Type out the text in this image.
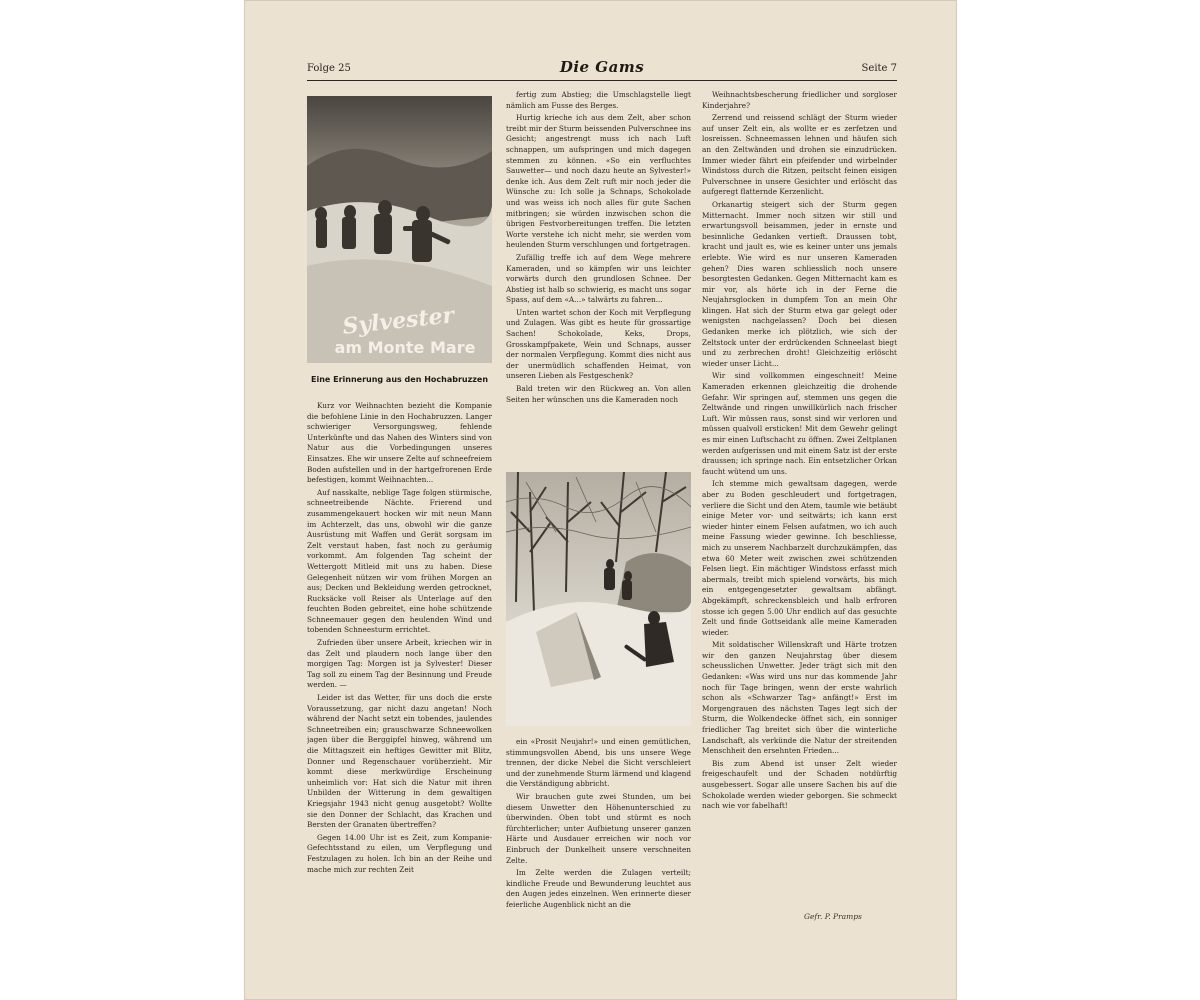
Folge 25	Die Gams	Seite 7
Sylvester
am Monte Mare
Eine Erinnerung aus den Hochabruzzen

Kurz vor Weihnachten bezieht die Kompanie die befohlene Linie in den Hochabruzzen. Langer schwieriger Versorgungsweg, fehlende Unterkünfte und das Nahen des Winters sind von Natur aus die Vorbedingungen unseres Einsatzes. Ehe wir unsere Zelte auf schneefreiem Boden aufstellen und in der hartgefrorenen Erde befestigen, kommt Weihnachten...

Auf nasskalte, neblige Tage folgen stürmische, schneetreibende Nächte. Frierend und zusammengekauert hocken wir mit neun Mann im Achterzelt, das uns, obwohl wir die ganze Ausrüstung mit Waffen und Gerät sorgsam im Zelt verstaut haben, fast noch zu geräumig vorkommt. Am folgenden Tag scheint der Wettergott Mitleid mit uns zu haben. Diese Gelegenheit nützen wir vom frühen Morgen an aus; Decken und Bekleidung werden getrocknet, Rucksäcke voll Reiser als Unterlage auf den feuchten Boden gebreitet, eine hohe schützende Schneemauer gegen den heulenden Wind und tobenden Schneesturm errichtet.

Zufrieden über unsere Arbeit, kriechen wir in das Zelt und plaudern noch lange über den morgigen Tag: Morgen ist ja Sylvester! Dieser Tag soll zu einem Tag der Besinnung und Freude werden. —

Leider ist das Wetter, für uns doch die erste Voraussetzung, gar nicht dazu angetan! Noch während der Nacht setzt ein tobendes, jaulendes Schneetreiben ein; grauschwarze Schneewolken jagen über die Berggipfel hinweg, während um die Mittagszeit ein heftiges Gewitter mit Blitz, Donner und Regenschauer vorüberzieht. Mir kommt diese merkwürdige Erscheinung unheimlich vor: Hat sich die Natur mit ihren Unbilden der Witterung in dem gewaltigen Kriegsjahr 1943 nicht genug ausgetobt? Wollte sie den Donner der Schlacht, das Krachen und Bersten der Granaten übertreffen?

Gegen 14.00 Uhr ist es Zeit, zum Kompanie-Gefechtsstand zu eilen, um Verpflegung und Festzulagen zu holen. Ich bin an der Reihe und mache mich zur rechten Zeit

fertig zum Abstieg; die Umschlagstelle liegt nämlich am Fusse des Berges.

Hurtig krieche ich aus dem Zelt, aber schon treibt mir der Sturm beissenden Pulverschnee ins Gesicht; angestrengt muss ich nach Luft schnappen, um aufspringen und mich dagegen stemmen zu können. «So ein verfluchtes Sauwetter— und noch dazu heute an Sylvester!» denke ich. Aus dem Zelt ruft mir noch jeder die Wünsche zu: Ich solle ja Schnaps, Schokolade und was weiss ich noch alles für gute Sachen mitbringen; sie würden inzwischen schon die übrigen Festvorbereitungen treffen. Die letzten Worte verstehe ich nicht mehr, sie werden vom heulenden Sturm verschlungen und fortgetragen.

Zufällig treffe ich auf dem Wege mehrere Kameraden, und so kämpfen wir uns leichter vorwärts durch den grundlosen Schnee. Der Abstieg ist halb so schwierig, es macht uns sogar Spass, auf dem «A...» talwärts zu fahren...

Unten wartet schon der Koch mit Verpflegung und Zulagen. Was gibt es heute für grossartige Sachen! Schokolade, Keks, Drops, Grosskampfpakete, Wein und Schnaps, ausser der normalen Verpflegung. Kommt dies nicht aus der unermüdlich schaffenden Heimat, von unseren Lieben als Festgeschenk?

Bald treten wir den Rückweg an. Von allen Seiten her wünschen uns die Kameraden noch

ein «Prosit Neujahr!» und einen gemütlichen, stimmungsvollen Abend, bis uns unsere Wege trennen, der dicke Nebel die Sicht verschleiert und der zunehmende Sturm lärmend und klagend die Verständigung abbricht.

Wir brauchen gute zwei Stunden, um bei diesem Unwetter den Höhenunterschied zu überwinden. Oben tobt und stürmt es noch fürchterlicher; unter Aufbietung unserer ganzen Härte und Ausdauer erreichen wir noch vor Einbruch der Dunkelheit unsere verschneiten Zelte.

Im Zelte werden die Zulagen verteilt; kindliche Freude und Bewunderung leuchtet aus den Augen jedes einzelnen. Wen erinnerte dieser feierliche Augenblick nicht an die

Weihnachtsbescherung friedlicher und sorgloser Kinderjahre?

Zerrend und reissend schlägt der Sturm wieder auf unser Zelt ein, als wollte er es zerfetzen und losreissen. Schneemassen lehnen und häufen sich an den Zeltwänden und drohen sie einzudrücken. Immer wieder fährt ein pfeifender und wirbelnder Windstoss durch die Ritzen, peitscht feinen eisigen Pulverschnee in unsere Gesichter und erlöscht das aufgeregt flatternde Kerzenlicht.

Orkanartig steigert sich der Sturm gegen Mitternacht. Immer noch sitzen wir still und erwartungsvoll beisammen, jeder in ernste und besinnliche Gedanken vertieft. Draussen tobt, kracht und jault es, wie es keiner unter uns jemals erlebte. Wie wird es nur unseren Kameraden gehen? Dies waren schliesslich noch unsere besorgtesten Gedanken. Gegen Mitternacht kam es mir vor, als hörte ich in der Ferne die Neujahrsglocken in dumpfem Ton an mein Ohr klingen. Hat sich der Sturm etwa gar gelegt oder wenigsten nachgelassen? Doch bei diesen Gedanken merke ich plötzlich, wie sich der Zeltstock unter der erdrückenden Schneelast biegt und zu zerbrechen droht! Gleichzeitig erlöscht wieder unser Licht...

Wir sind vollkommen eingeschneit! Meine Kameraden erkennen gleichzeitig die drohende Gefahr. Wir springen auf, stemmen uns gegen die Zeltwände und ringen unwillkürlich nach frischer Luft. Wir müssen raus, sonst sind wir verloren und müssen qualvoll ersticken! Mit dem Gewehr gelingt es mir einen Luftschacht zu öffnen. Zwei Zeltplanen werden aufgerissen und mit einem Satz ist der erste draussen; ich springe nach. Ein entsetzlicher Orkan faucht wütend um uns.

Ich stemme mich gewaltsam dagegen, werde aber zu Boden geschleudert und fortgetragen, verliere die Sicht und den Atem, taumle wie betäubt einige Meter vor- und seitwärts; ich kann erst wieder hinter einem Felsen aufatmen, wo ich auch meine Fassung wieder gewinne. Ich beschliesse, mich zu unserem Nachbarzelt durchzukämpfen, das etwa 60 Meter weit zwischen zwei schützenden Felsen liegt. Ein mächtiger Windstoss erfasst mich abermals, treibt mich spielend vorwärts, bis mich ein entgegengesetzter gewaltsam abfängt. Abgekämpft, schreckensbleich und halb erfroren stosse ich gegen 5.00 Uhr endlich auf das gesuchte Zelt und finde Gottseidank alle meine Kameraden wieder.

Mit soldatischer Willenskraft und Härte trotzen wir den ganzen Neujahrstag über diesem scheusslichen Unwetter. Jeder trägt sich mit den Gedanken: «Was wird uns nur das kommende Jahr noch für Tage bringen, wenn der erste wahrlich schon als «Schwarzer Tag» anfängt!» Erst im Morgengrauen des nächsten Tages legt sich der Sturm, die Wolkendecke öffnet sich, ein sonniger friedlicher Tag breitet sich über die winterliche Landschaft, als verkünde die Natur der streitenden Menschheit den ersehnten Frieden...

Bis zum Abend ist unser Zelt wieder freigeschaufelt und der Schaden notdürftig ausgebessert. Sogar alle unsere Sachen bis auf die Schokolade werden wieder geborgen. Sie schmeckt nach wie vor fabelhaft!

Gefr. P. Pramps
